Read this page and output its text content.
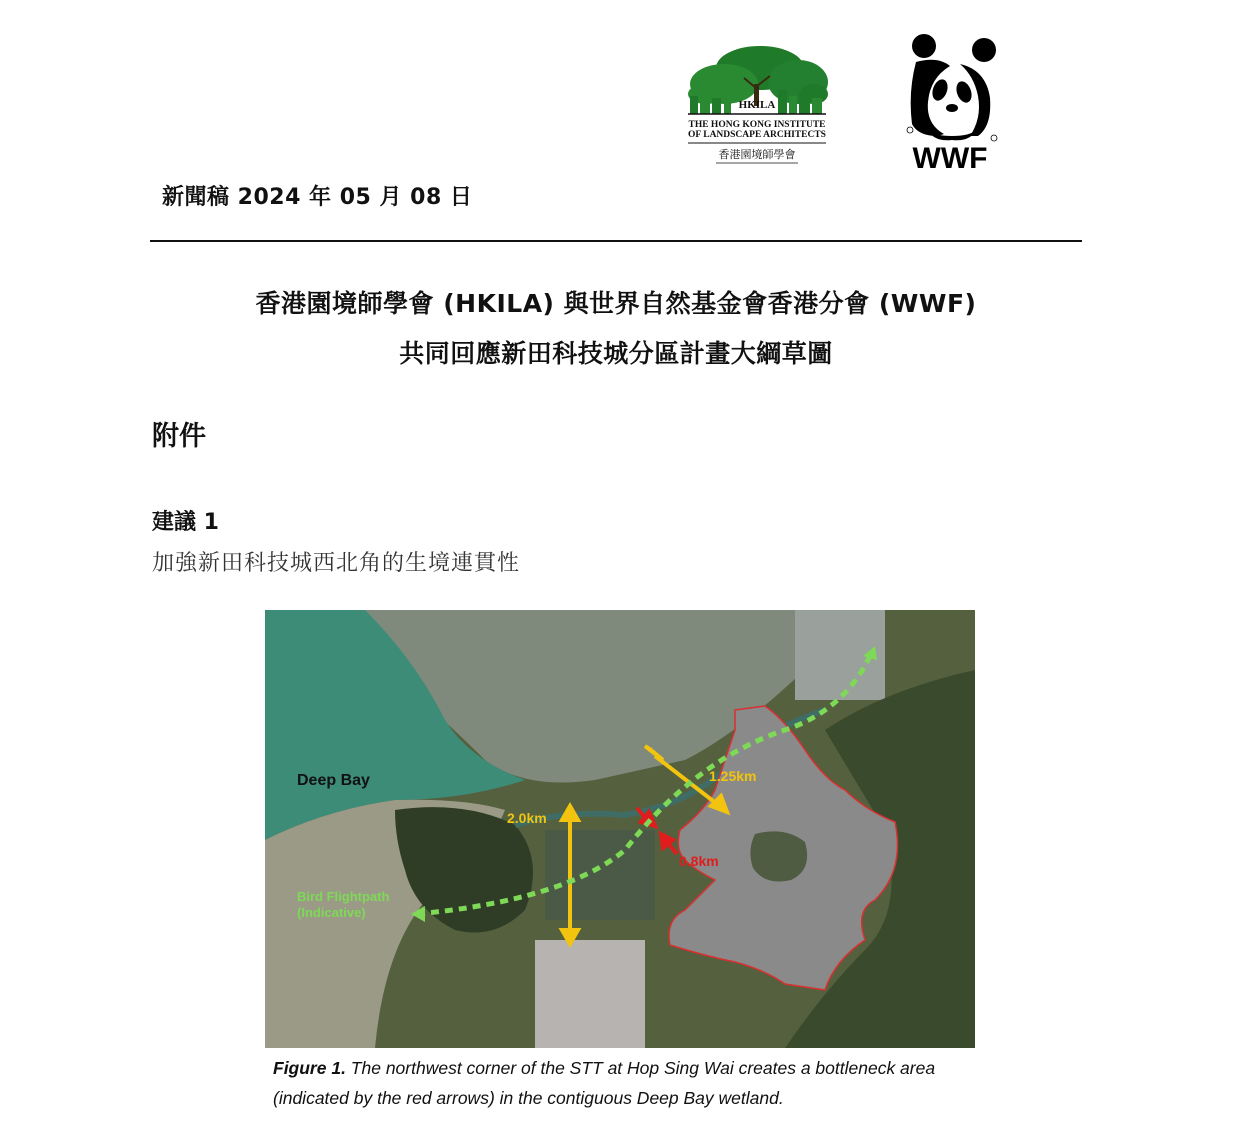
HKILA
THE HONG KONG INSTITUTE
OF LANDSCAPE ARCHITECTS
香港園境師學會	WWF
新聞稿 2024 年 05 月 08 日
香港園境師學會 (HKILA) 與世界自然基金會香港分會 (WWF)
共同回應新田科技城分區計畫大綱草圖
附件
建議 1
加強新田科技城西北角的生境連貫性
Deep Bay
2.0km
1.25km
0.8km
Bird Flightpath
(Indicative)
Figure 1. The northwest corner of the STT at Hop Sing Wai creates a bottleneck area (indicated by the red arrows) in the contiguous Deep Bay wetland.
